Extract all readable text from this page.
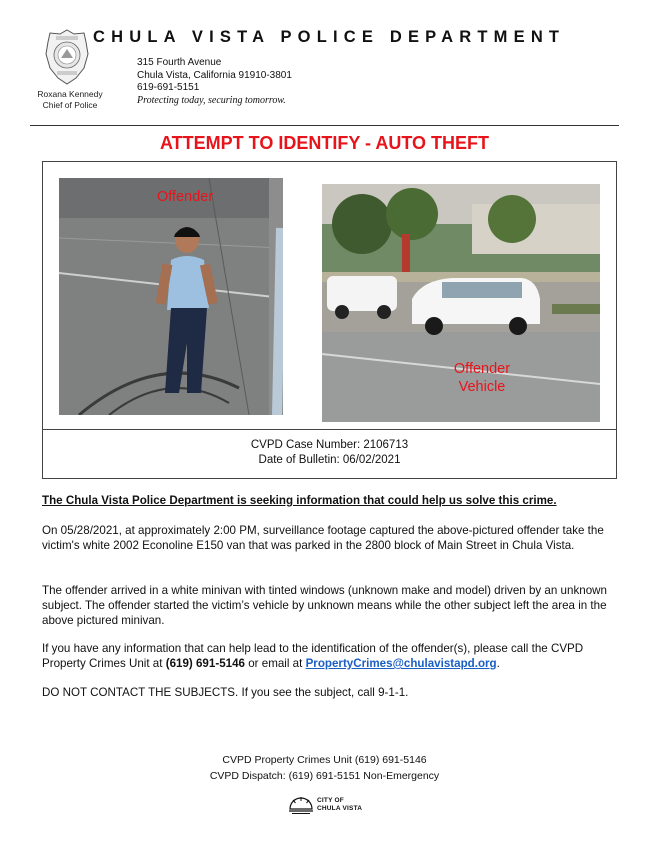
Roxana Kennedy
Chief of Police
CHULA VISTA POLICE DEPARTMENT
315 Fourth Avenue
Chula Vista, California 91910-3801
619-691-5151
Protecting today, securing tomorrow.
ATTEMPT TO IDENTIFY - AUTO THEFT
Offender
Offender
Vehicle
CVPD Case Number: 2106713
Date of Bulletin: 06/02/2021
The Chula Vista Police Department is seeking information that could help us solve this crime.
On 05/28/2021, at approximately 2:00 PM, surveillance footage captured the above-pictured offender take the victim's white 2002 Econoline E150 van that was parked in the 2800 block of Main Street in Chula Vista.
The offender arrived in a white minivan with tinted windows (unknown make and model) driven by an unknown subject. The offender started the victim’s vehicle by unknown means while the other subject left the area in the above pictured minivan.
If you have any information that can help lead to the identification of the offender(s), please call the CVPD Property Crimes Unit at (619) 691-5146 or email at PropertyCrimes@chulavistapd.org.
DO NOT CONTACT THE SUBJECTS. If you see the subject, call 9-1-1.
CVPD Property Crimes Unit (619) 691-5146
CVPD Dispatch: (619) 691-5151 Non-Emergency
CITY OF
CHULA VISTA
